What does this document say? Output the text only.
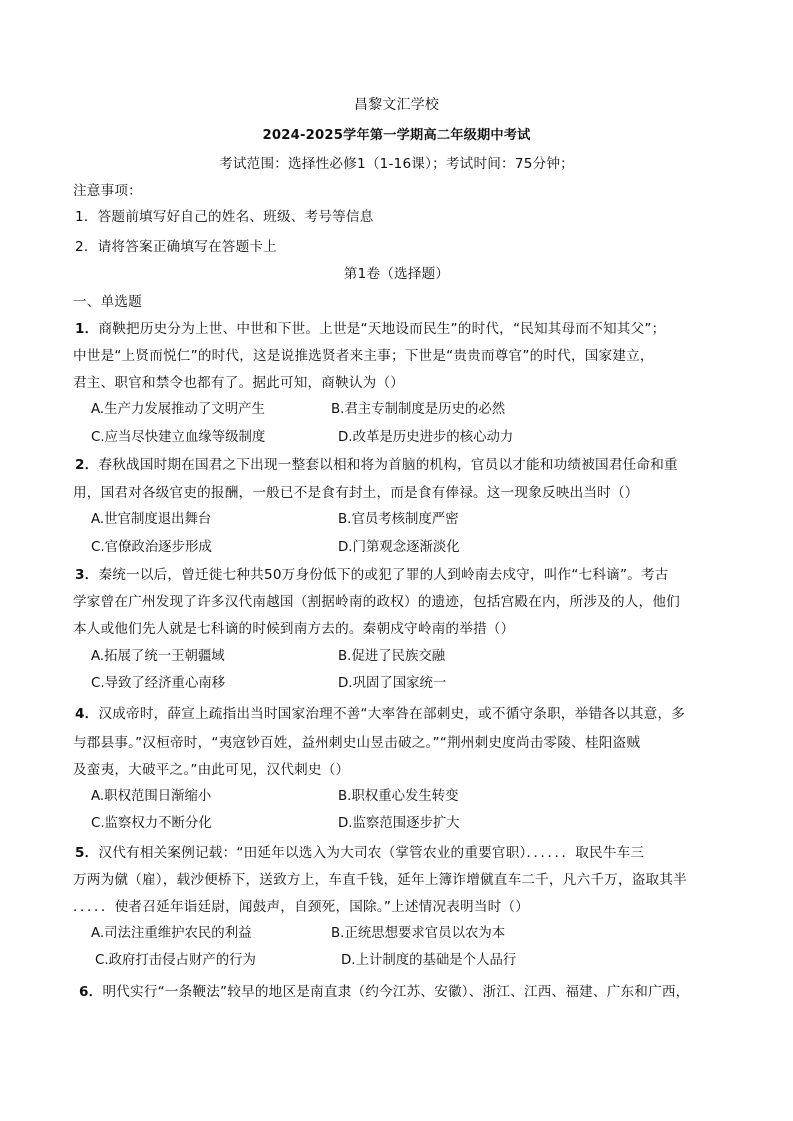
昌黎文汇学校
2024-2025学年第一学期高二年级期中考试
考试范围：选择性必修1（1-16课）；考试时间：75分钟；
注意事项：
1．答题前填写好自己的姓名、班级、考号等信息
2．请将答案正确填写在答题卡上
第1卷（选择题）
一、单选题
1．商鞅把历史分为上世、中世和下世。上世是“天地设而民生”的时代，“民知其母而不知其父”；
中世是“上贤而悦仁”的时代，这是说推选贤者来主事；下世是“贵贵而尊官”的时代，国家建立，
君主、职官和禁令也都有了。据此可知，商鞅认为（）
A.生产力发展推动了文明产生	B.君主专制制度是历史的必然
C.应当尽快建立血缘等级制度	D.改革是历史进步的核心动力
2．春秋战国时期在国君之下出现一整套以相和将为首脑的机构，官员以才能和功绩被国君任命和重
用，国君对各级官吏的报酬，一般已不是食有封土，而是食有俸禄。这一现象反映出当时（）
A.世官制度退出舞台	B.官员考核制度严密
C.官僚政治逐步形成	D.门第观念逐渐淡化
3．秦统一以后，曾迁徙七种共50万身份低下的或犯了罪的人到岭南去戍守，叫作“七科谪”。考古
学家曾在广州发现了许多汉代南越国（割据岭南的政权）的遗迹，包括宫殿在内，所涉及的人，他们
本人或他们先人就是七科谪的时候到南方去的。秦朝戍守岭南的举措（）
A.拓展了统一王朝疆域	B.促进了民族交融
C.导致了经济重心南移	D.巩固了国家统一
4．汉成帝时，薛宣上疏指出当时国家治理不善“大率咎在部刺史，或不循守条职，举错各以其意，多
与郡县事。”汉桓帝时，“夷寇钞百姓，益州刺史山昱击破之。”“荆州刺史度尚击零陵、桂阳盗贼
及蛮夷，大破平之。”由此可见，汉代刺史（）
A.职权范围日渐缩小	B.职权重心发生转变
C.监察权力不断分化	D.监察范围逐步扩大
5．汉代有相关案例记载：“田延年以选入为大司农（掌管农业的重要官职）．．．．．．取民牛车三
万两为僦（雇），载沙便桥下，送致方上，车直千钱，延年上簿诈增僦直车二千，凡六千万，盗取其半
．．．．．使者召延年诣廷尉，闻鼓声，自颈死，国除。”上述情况表明当时（）
A.司法注重维护农民的利益	B.正统思想要求官员以农为本
C.政府打击侵占财产的行为	D.上计制度的基础是个人品行
6．明代实行“一条鞭法”较早的地区是南直隶（约今江苏、安徽）、浙江、江西、福建、广东和广西，
